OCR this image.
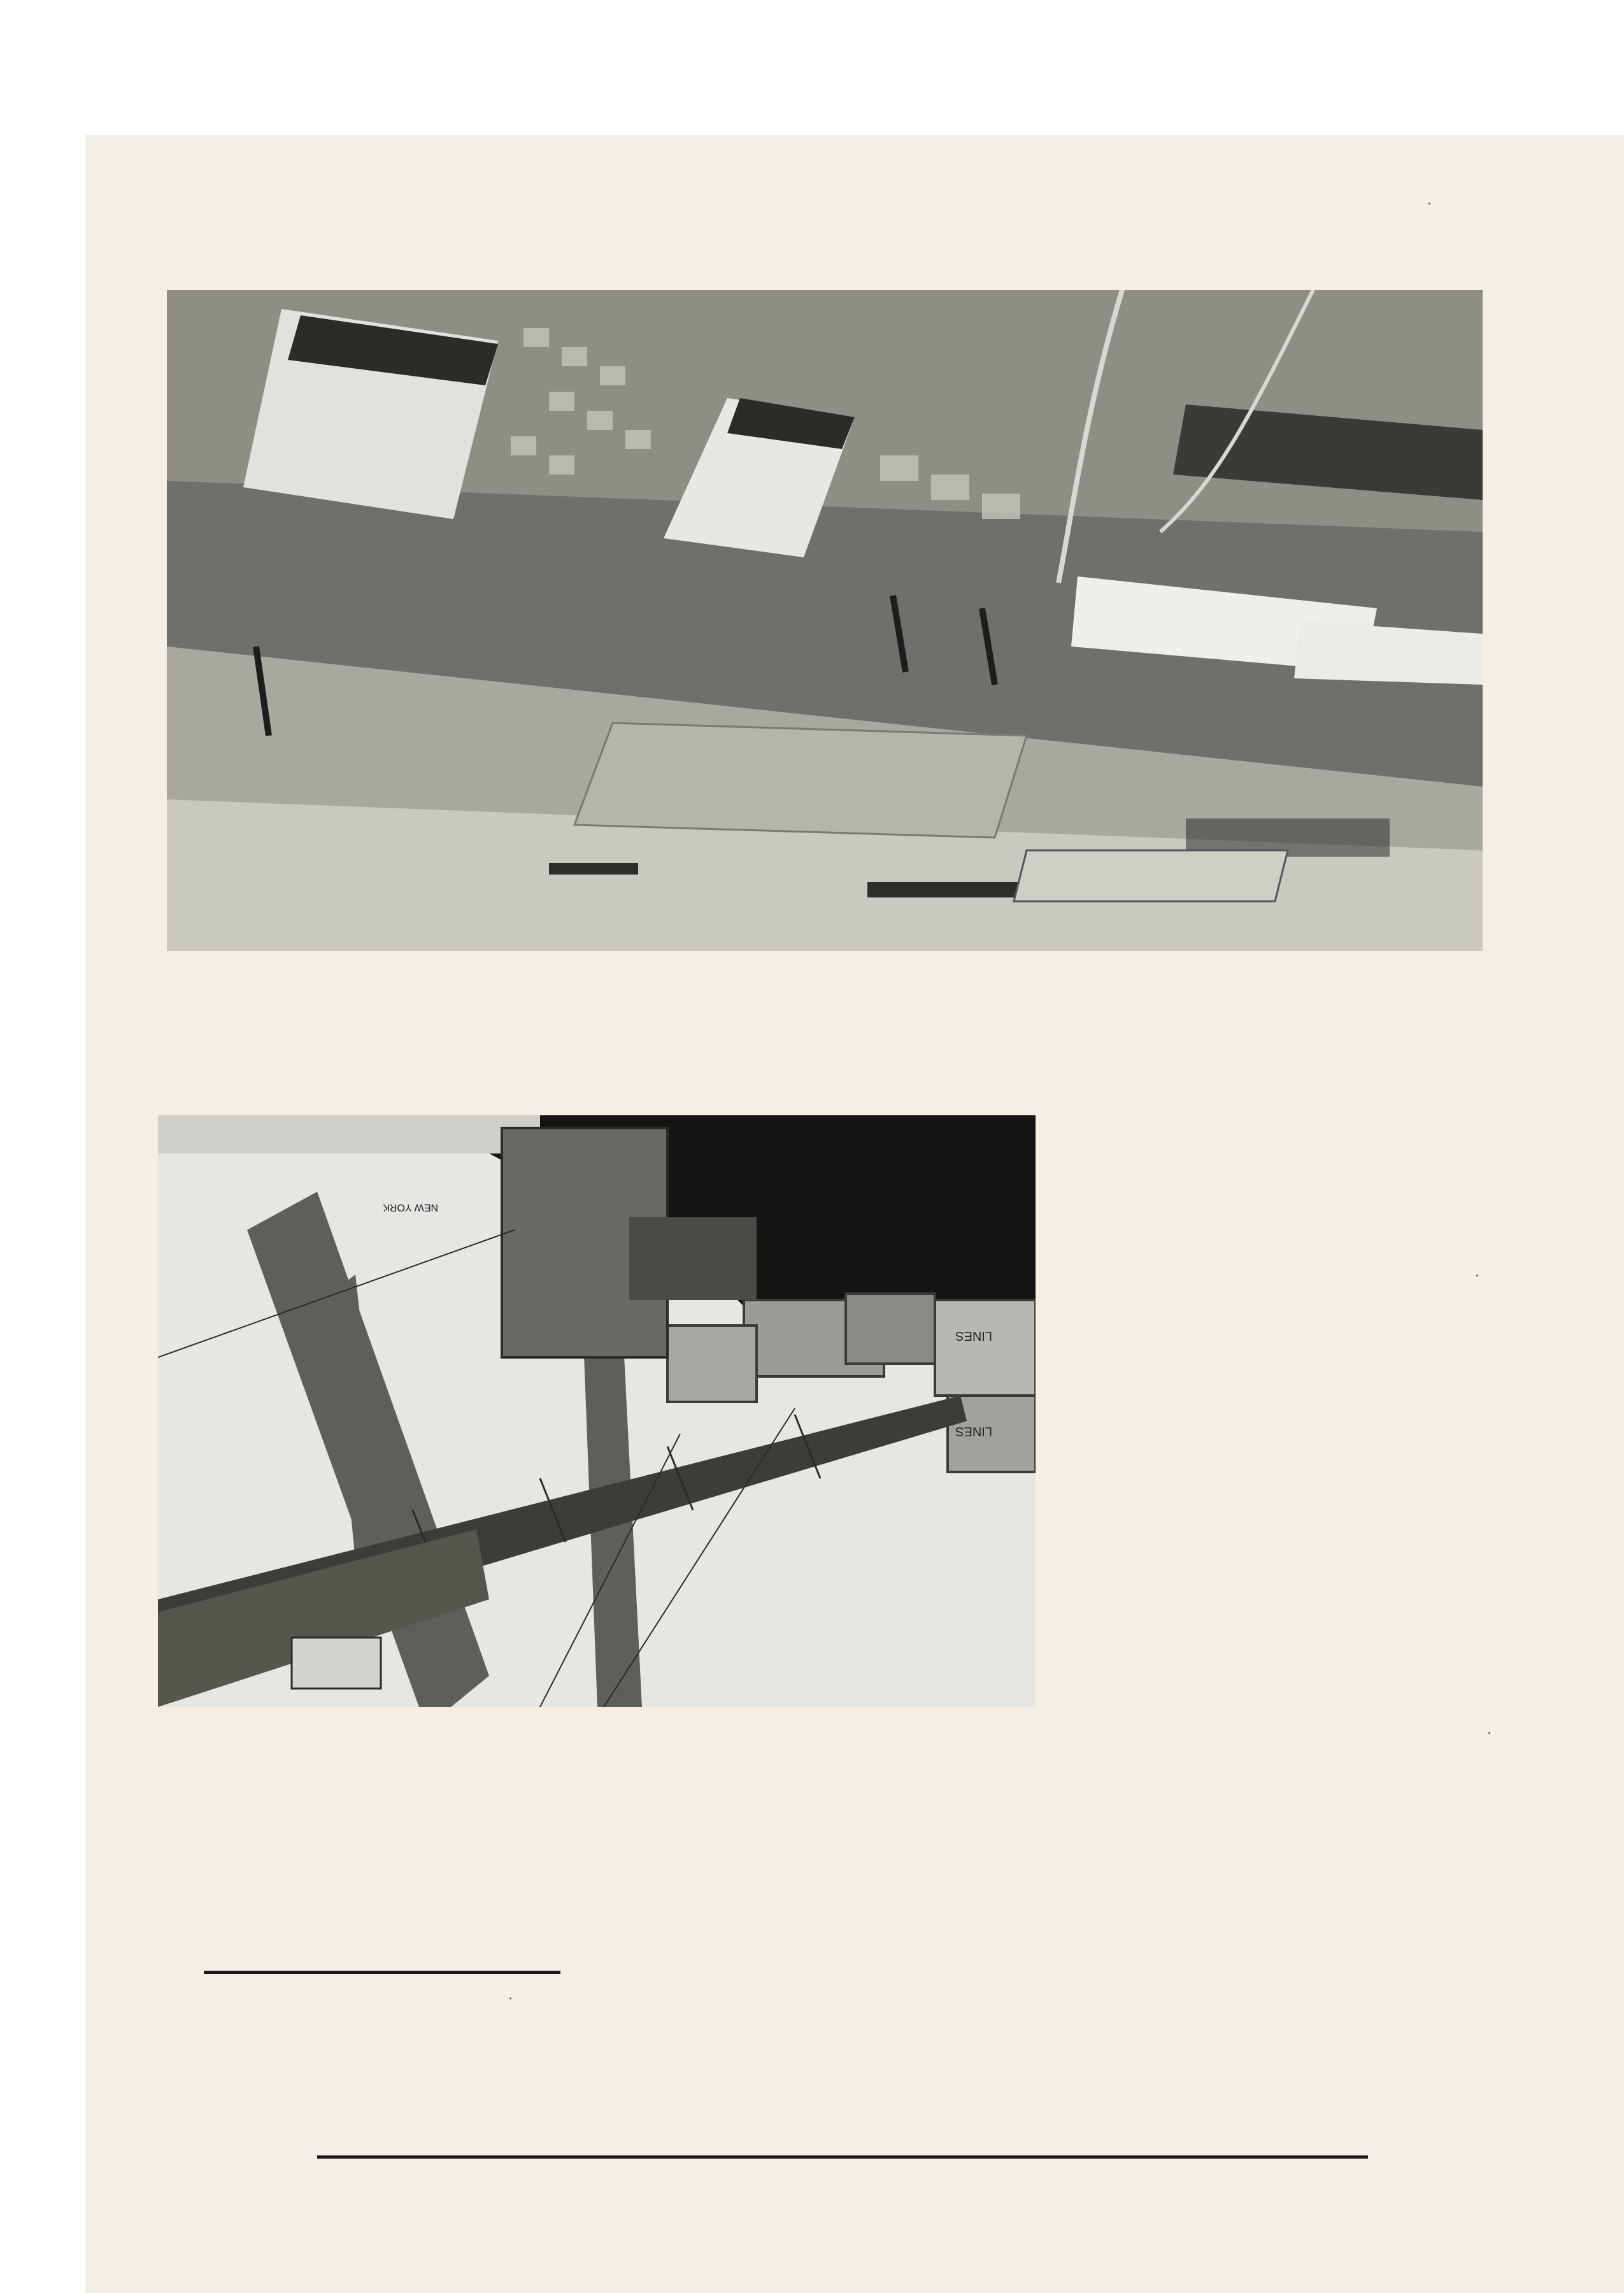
LINES
LINES
NEW YORK
